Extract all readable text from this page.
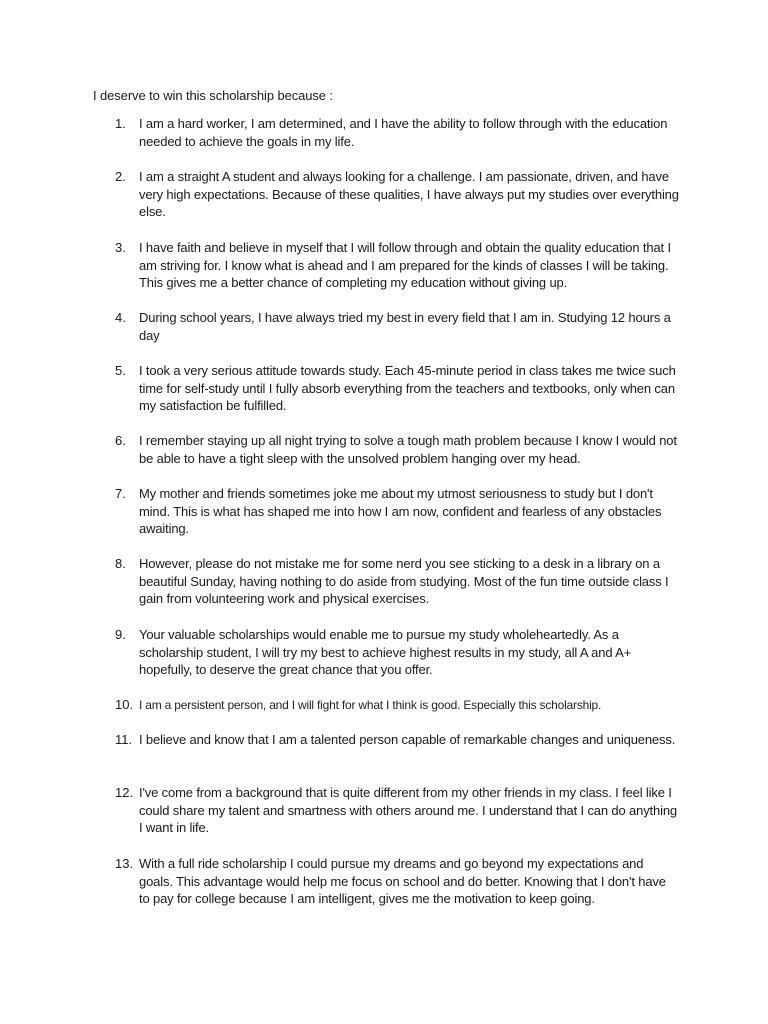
I deserve to win this scholarship because :
1. I am a hard worker, I am determined, and I have the ability to follow through with the education needed to achieve the goals in my life.
2. I am a straight A student and always looking for a challenge. I am passionate, driven, and have very high expectations. Because of these qualities, I have always put my studies over everything else.
3. I have faith and believe in myself that I will follow through and obtain the quality education that I am striving for. I know what is ahead and I am prepared for the kinds of classes I will be taking. This gives me a better chance of completing my education without giving up.
4. During school years, I have always tried my best in every field that I am in. Studying 12 hours a day
5. I took a very serious attitude towards study. Each 45-minute period in class takes me twice such time for self-study until I fully absorb everything from the teachers and textbooks, only when can my satisfaction be fulfilled.
6. I remember staying up all night trying to solve a tough math problem because I know I would not be able to have a tight sleep with the unsolved problem hanging over my head.
7. My mother and friends sometimes joke me about my utmost seriousness to study but I don't mind. This is what has shaped me into how I am now, confident and fearless of any obstacles awaiting.
8. However, please do not mistake me for some nerd you see sticking to a desk in a library on a beautiful Sunday, having nothing to do aside from studying. Most of the fun time outside class I gain from volunteering work and physical exercises.
9. Your valuable scholarships would enable me to pursue my study wholeheartedly. As a scholarship student, I will try my best to achieve highest results in my study, all A and A+ hopefully, to deserve the great chance that you offer.
10. I am a persistent person, and I will fight for what I think is good. Especially this scholarship.
11. I believe and know that I am a talented person capable of remarkable changes and uniqueness.
12. I've come from a background that is quite different from my other friends in my class. I feel like I could share my talent and smartness with others around me. I understand that I can do anything I want in life.
13. With a full ride scholarship I could pursue my dreams and go beyond my expectations and goals. This advantage would help me focus on school and do better. Knowing that I don't have to pay for college because I am intelligent, gives me the motivation to keep going.
